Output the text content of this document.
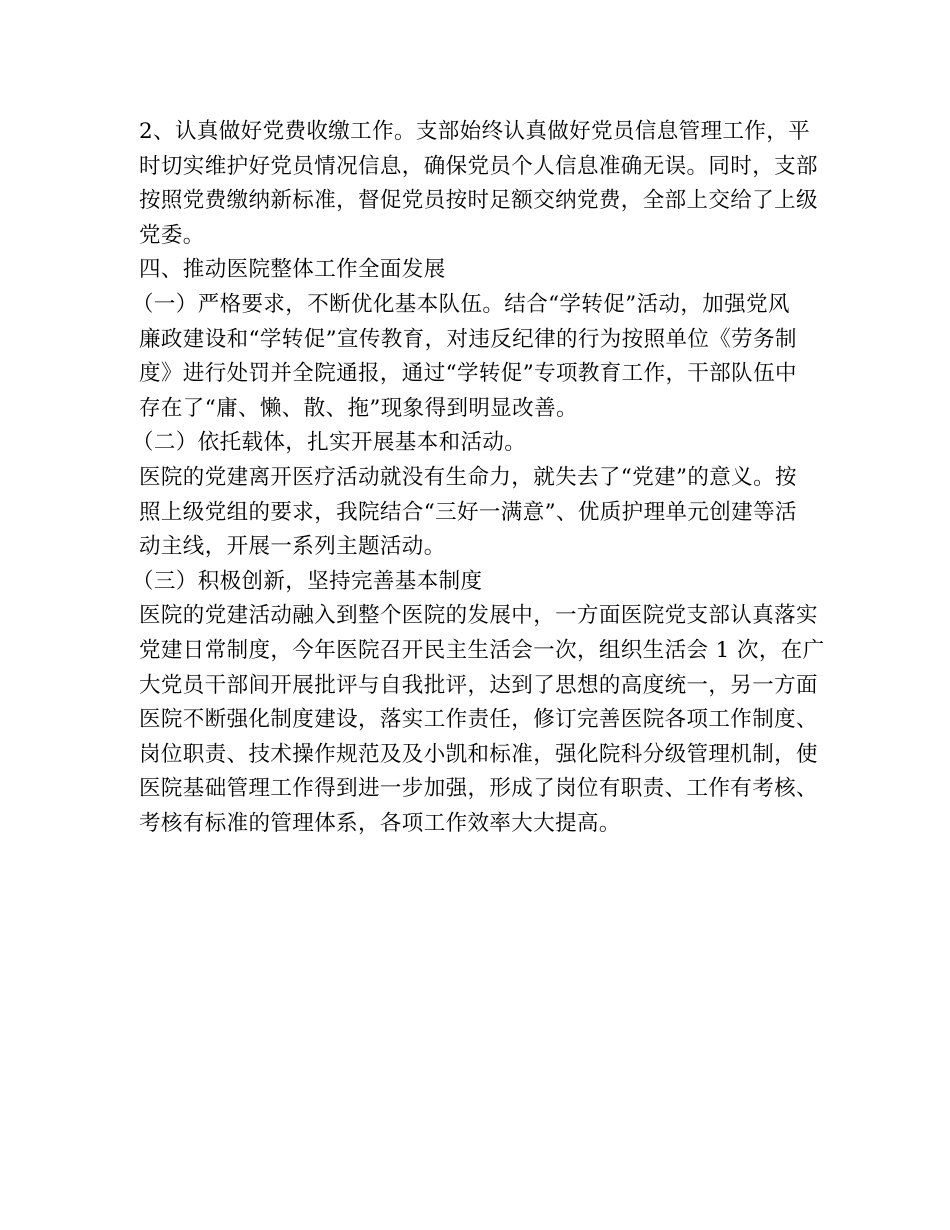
2、认真做好党费收缴工作。支部始终认真做好党员信息管理工作，平
时切实维护好党员情况信息，确保党员个人信息准确无误。同时，支部
按照党费缴纳新标准，督促党员按时足额交纳党费，全部上交给了上级
党委。
四、推动医院整体工作全面发展
（一）严格要求，不断优化基本队伍。结合“学转促”活动，加强党风
廉政建设和“学转促”宣传教育，对违反纪律的行为按照单位《劳务制
度》进行处罚并全院通报，通过“学转促”专项教育工作，干部队伍中
存在了“庸、懒、散、拖”现象得到明显改善。
（二）依托载体，扎实开展基本和活动。
医院的党建离开医疗活动就没有生命力，就失去了“党建”的意义。按
照上级党组的要求，我院结合“三好一满意”、优质护理单元创建等活
动主线，开展一系列主题活动。
（三）积极创新，坚持完善基本制度
医院的党建活动融入到整个医院的发展中，一方面医院党支部认真落实
党建日常制度，今年医院召开民主生活会一次，组织生活会 1 次，在广
大党员干部间开展批评与自我批评，达到了思想的高度统一，另一方面
医院不断强化制度建设，落实工作责任，修订完善医院各项工作制度、
岗位职责、技术操作规范及及小凯和标准，强化院科分级管理机制，使
医院基础管理工作得到进一步加强，形成了岗位有职责、工作有考核、
考核有标准的管理体系，各项工作效率大大提高。
